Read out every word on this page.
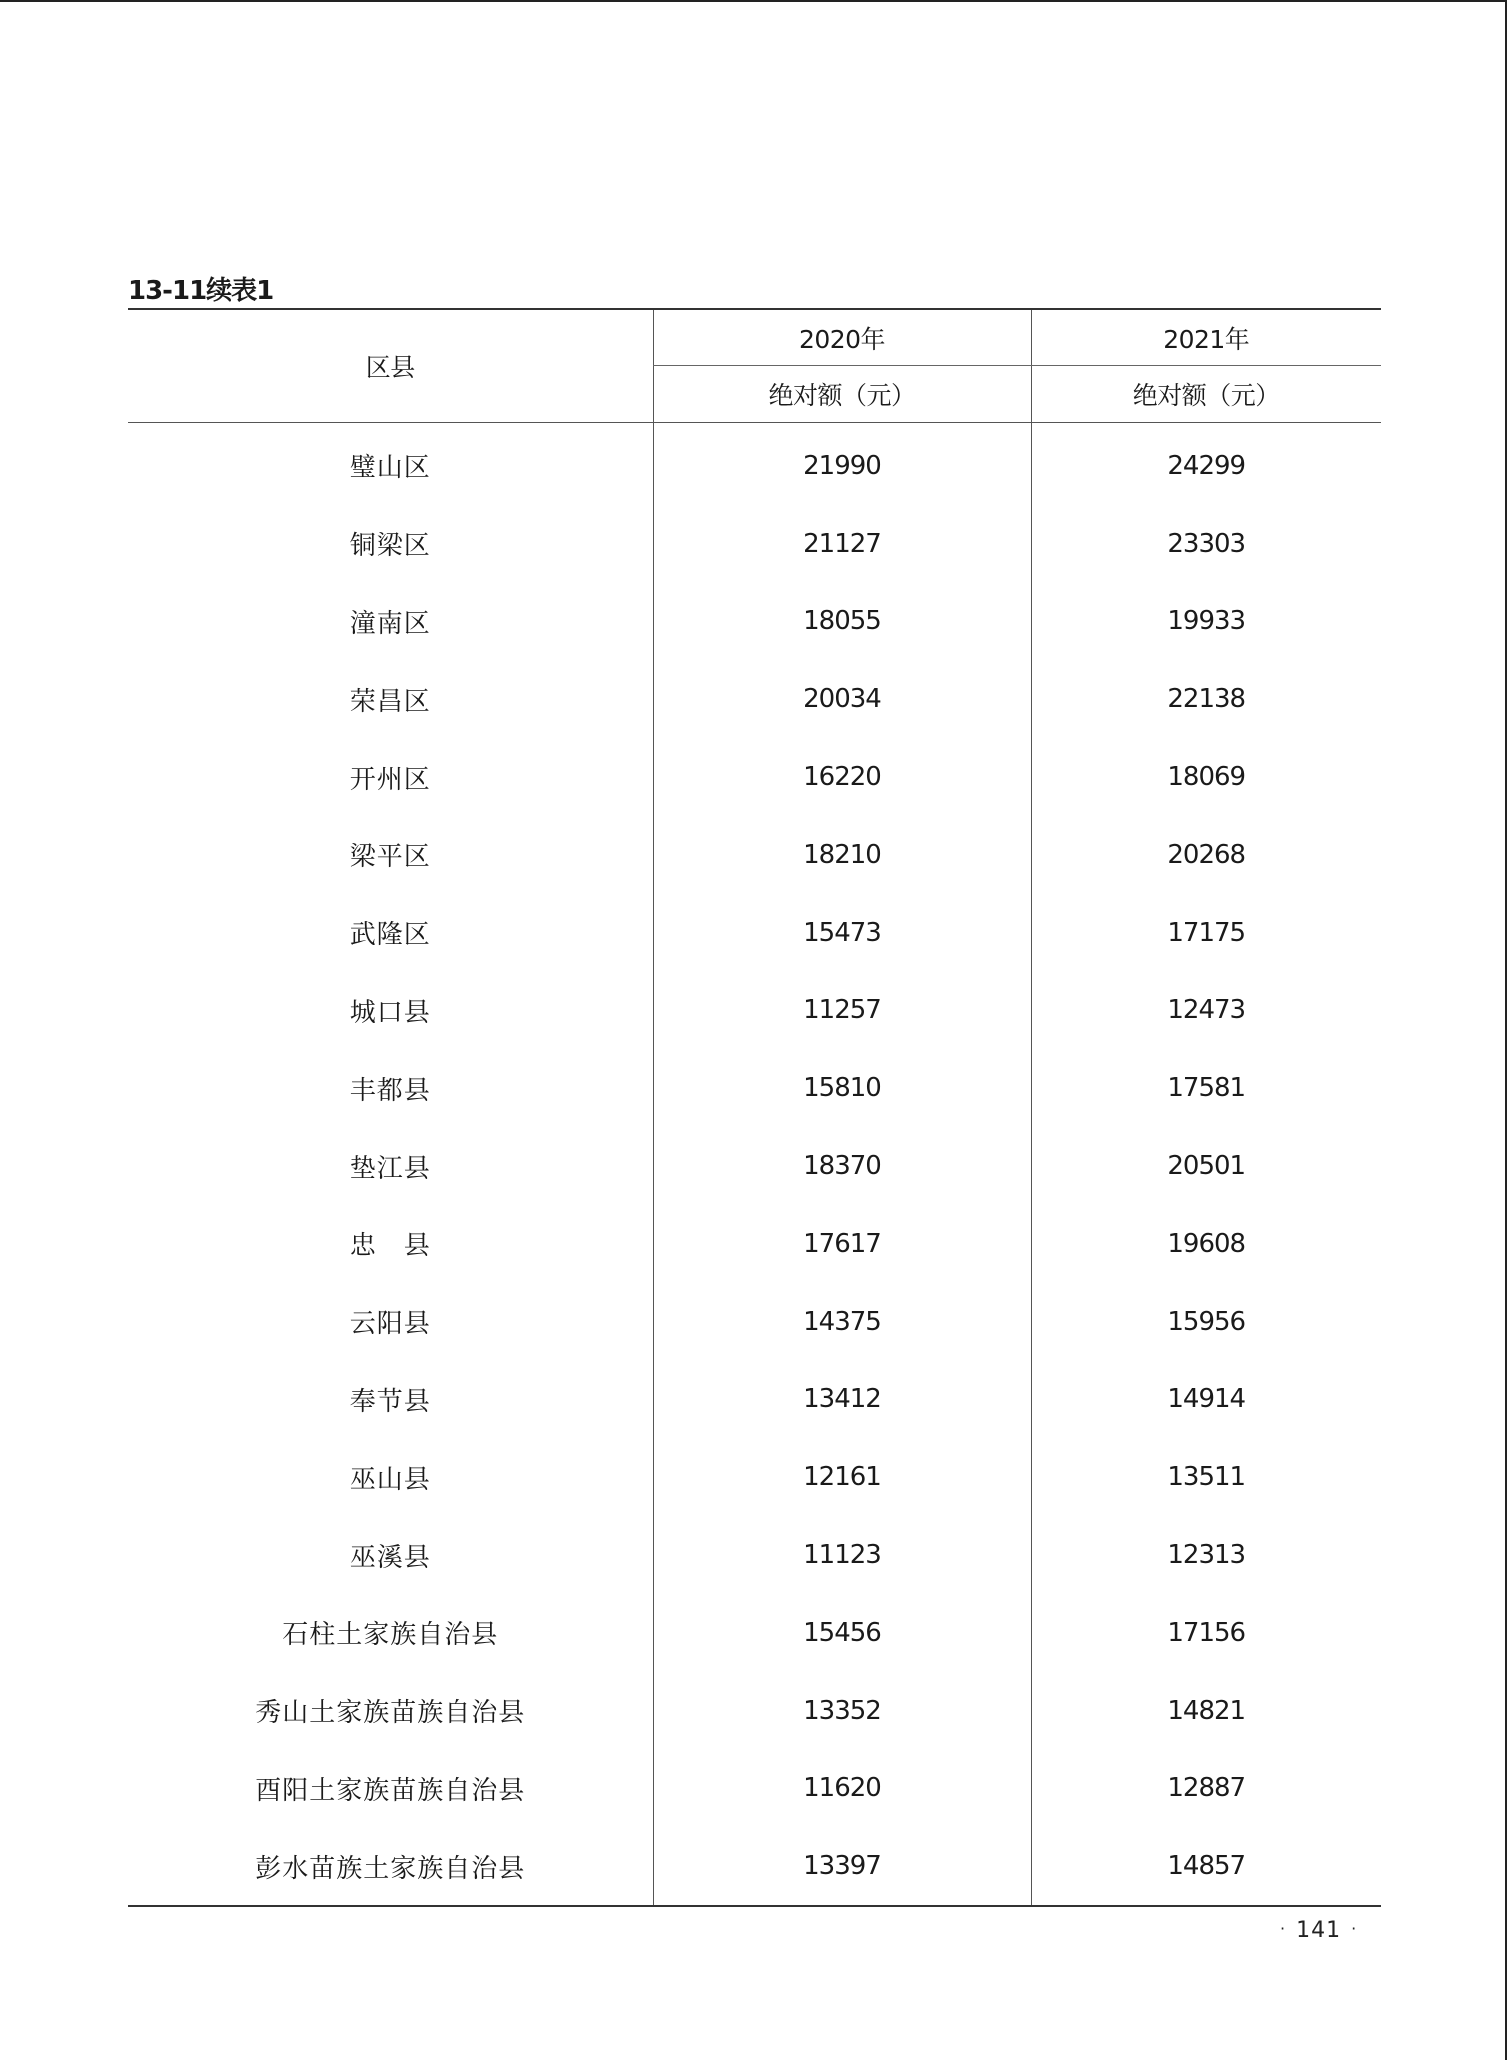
13-11续表1
区县	2020年	2021年
	绝对额（元）	绝对额（元）
璧山区	21990	24299
铜梁区	21127	23303
潼南区	18055	19933
荣昌区	20034	22138
开州区	16220	18069
梁平区	18210	20268
武隆区	15473	17175
城口县	11257	12473
丰都县	15810	17581
垫江县	18370	20501
忠　县	17617	19608
云阳县	14375	15956
奉节县	13412	14914
巫山县	12161	13511
巫溪县	11123	12313
石柱土家族自治县	15456	17156
秀山土家族苗族自治县	13352	14821
酉阳土家族苗族自治县	11620	12887
彭水苗族土家族自治县	13397	14857
· 141 ·
